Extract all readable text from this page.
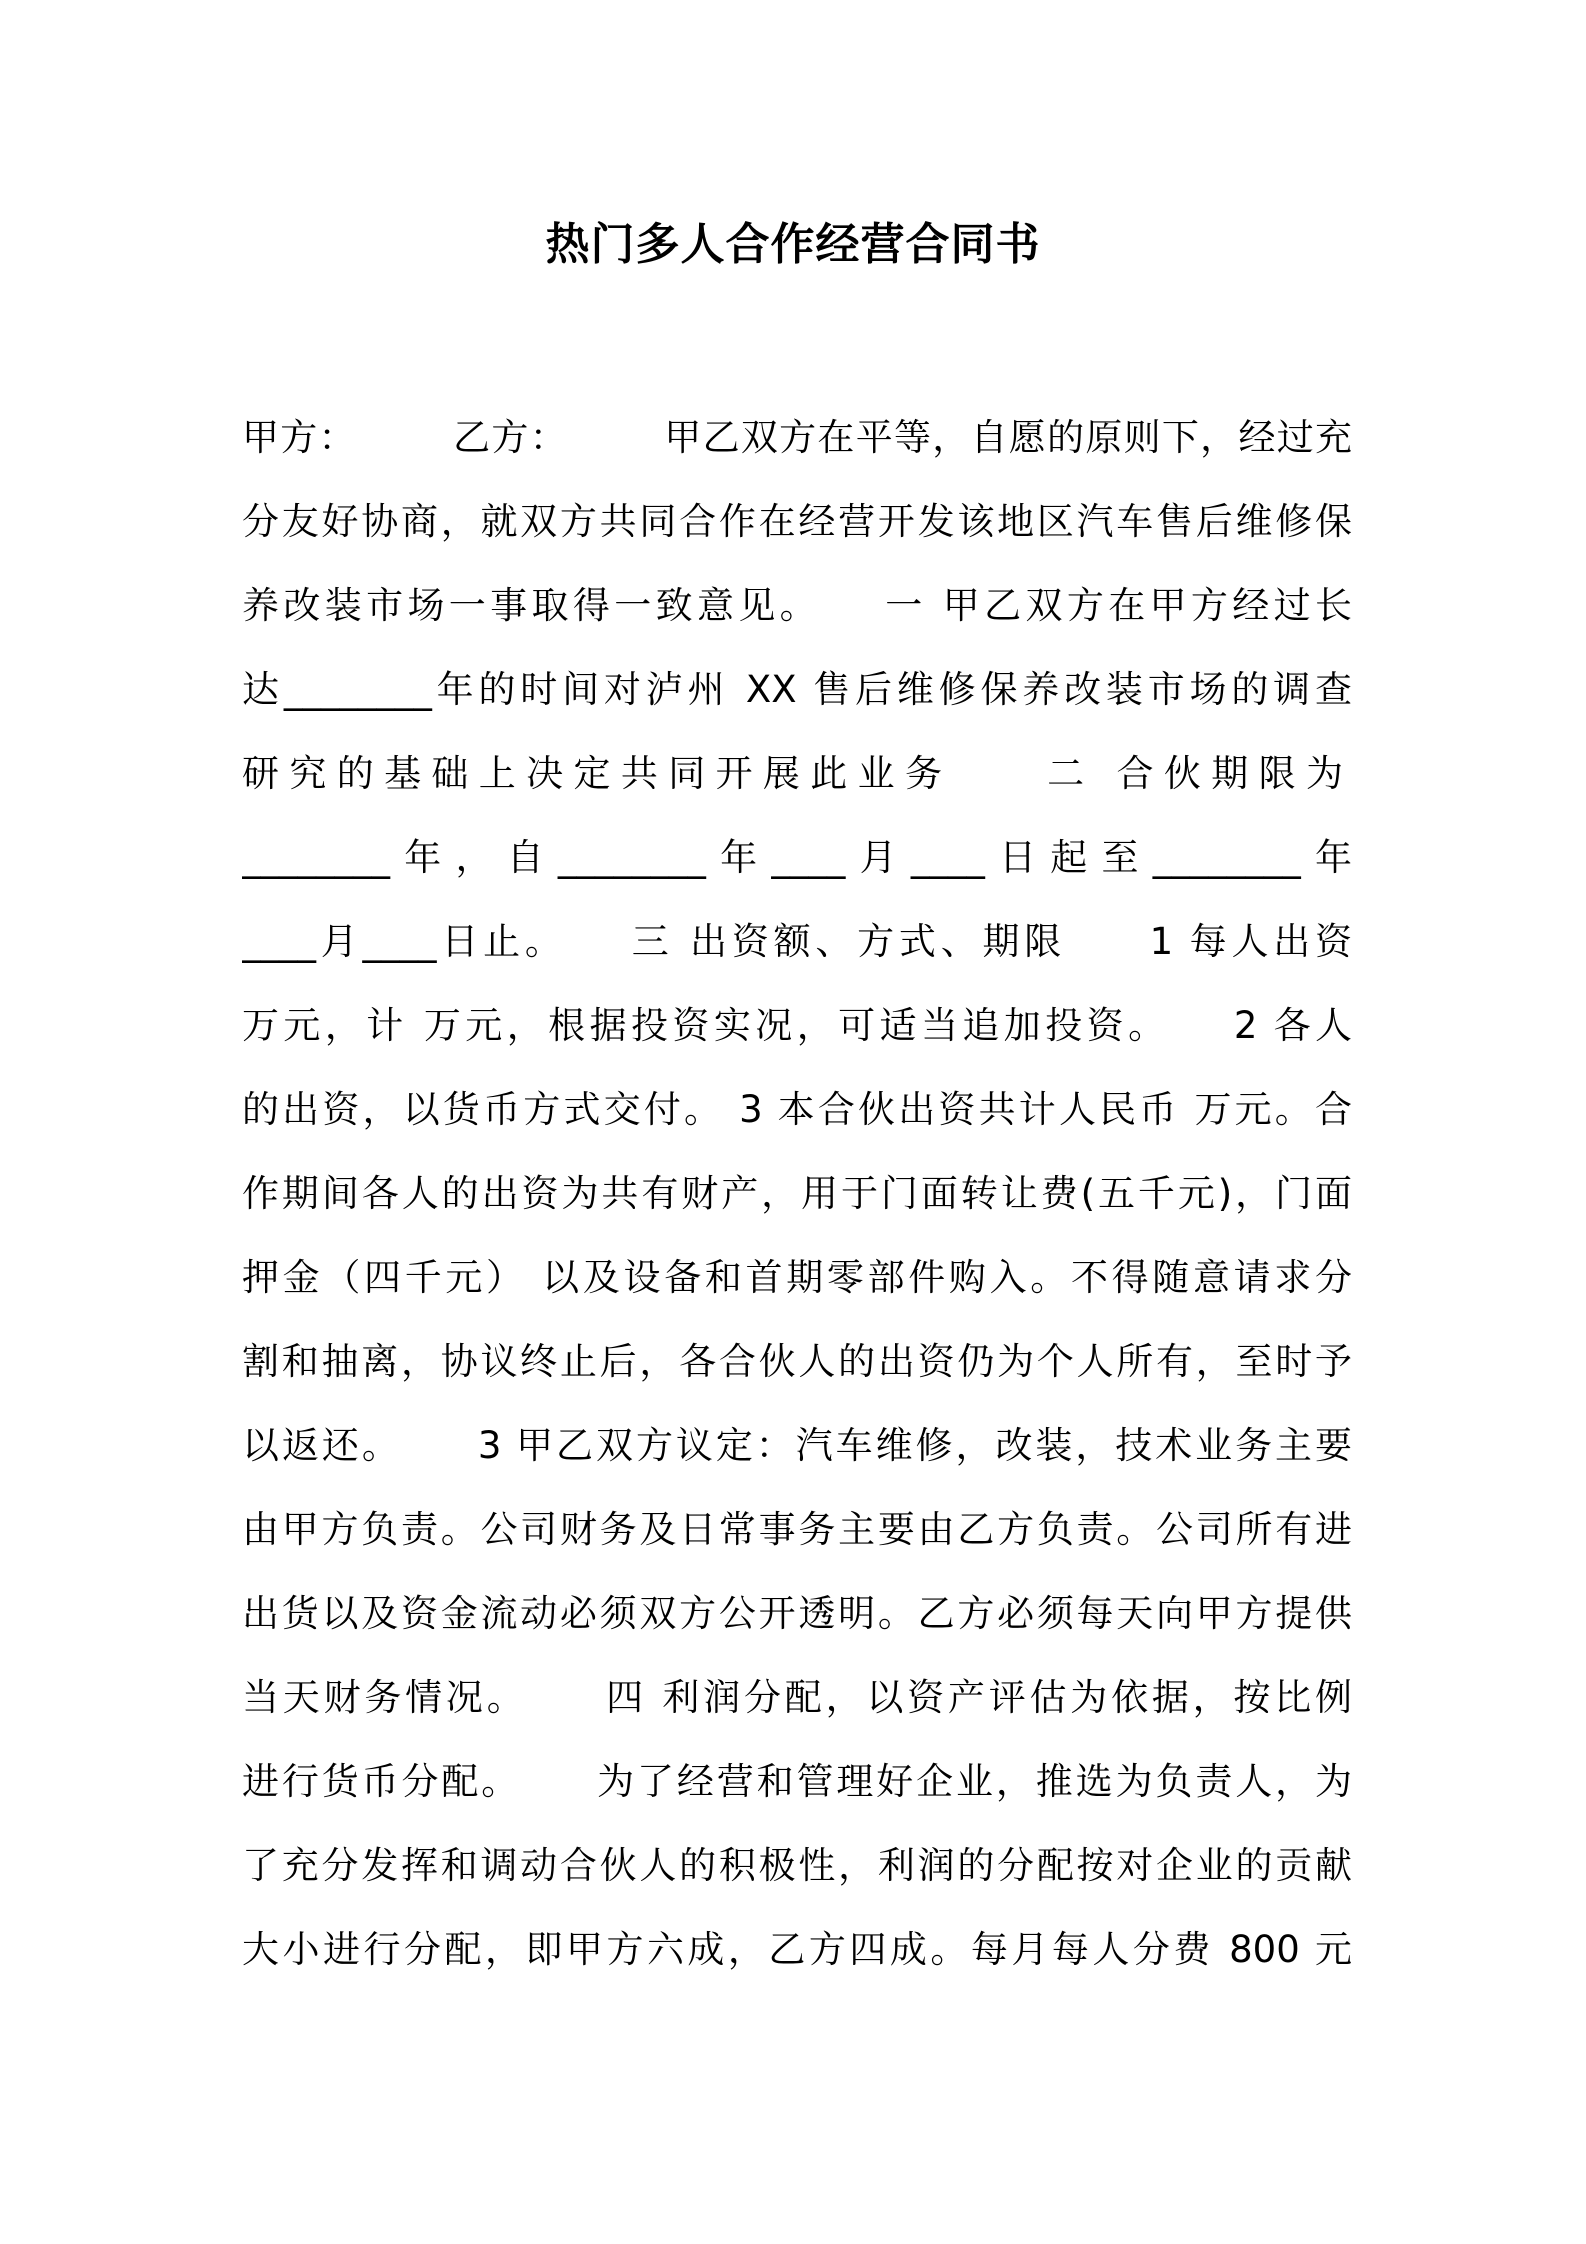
热门多人合作经营合同书
甲方：　　　乙方：　　　甲乙双方在平等，自愿的原则下，经过充
分友好协商，就双方共同合作在经营开发该地区汽车售后维修保
养改装市场一事取得一致意见。　　一 甲乙双方在甲方经过长
达________年的时间对泸州 XX 售后维修保养改装市场的调查
研究的基础上决定共同开展此业务　　二 合伙期限为
________年，自________年____月____日起至________年
____月____日止。　　三 出资额、方式、期限　　1 每人出资
万元，计 万元，根据投资实况，可适当追加投资。　　2 各人
的出资，以货币方式交付。 3 本合伙出资共计人民币 万元。合
作期间各人的出资为共有财产，用于门面转让费(五千元)，门面
押金（四千元） 以及设备和首期零部件购入。不得随意请求分
割和抽离，协议终止后，各合伙人的出资仍为个人所有，至时予
以返还。　　 3 甲乙双方议定：汽车维修，改装，技术业务主要
由甲方负责。公司财务及日常事务主要由乙方负责。公司所有进
出货以及资金流动必须双方公开透明。乙方必须每天向甲方提供
当天财务情况。　　 四 利润分配，以资产评估为依据，按比例
进行货币分配。　　 为了经营和管理好企业，推选为负责人，为
了充分发挥和调动合伙人的积极性，利润的分配按对企业的贡献
大小进行分配，即甲方六成，乙方四成。每月每人分费 800 元
